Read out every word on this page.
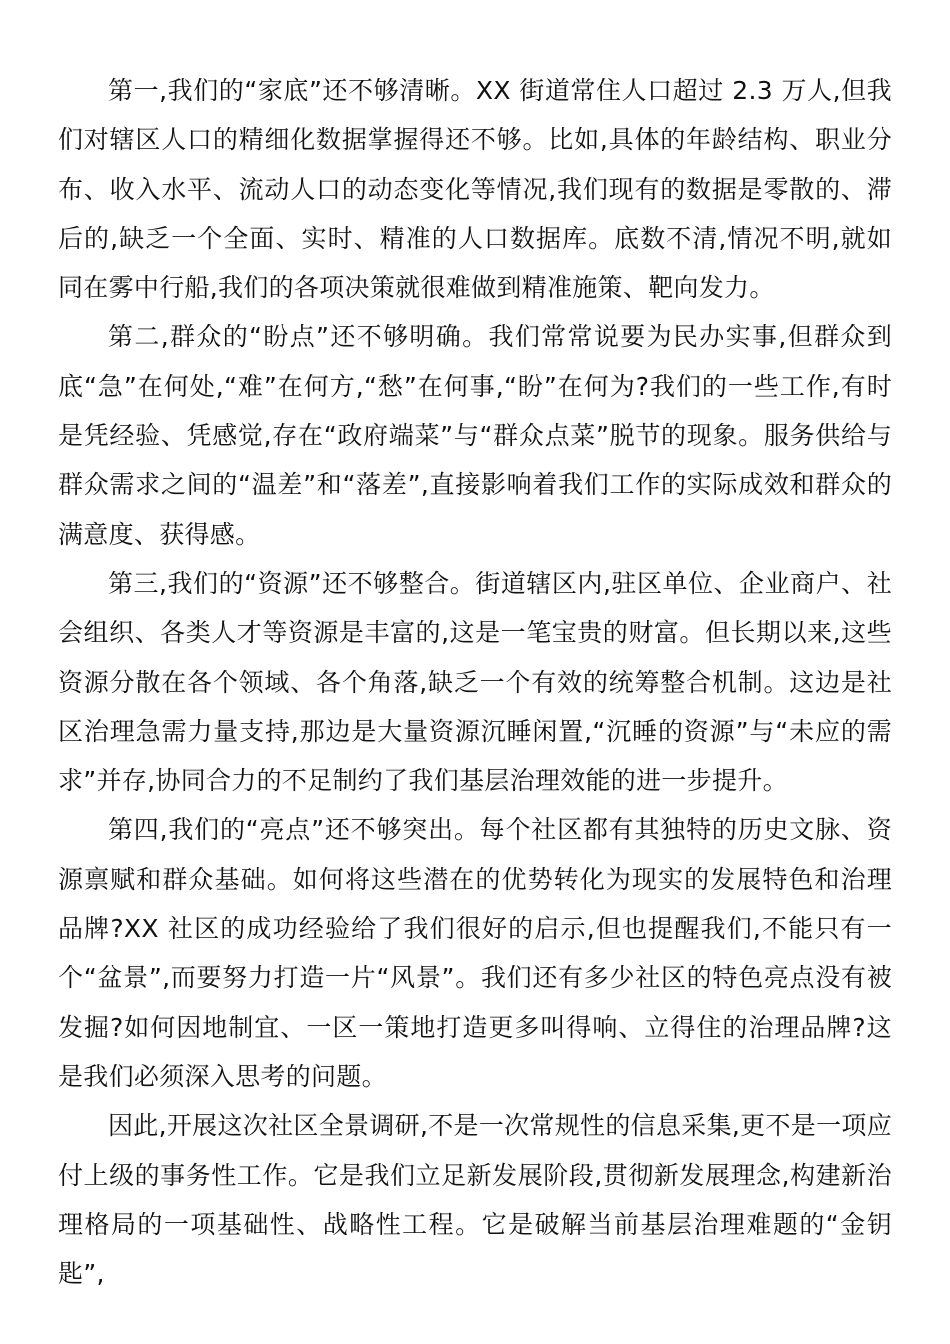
第一,我们的“家底”还不够清晰。XX 街道常住人口超过 2.3 万人,但我们对辖区人口的精细化数据掌握得还不够。比如,具体的年龄结构、职业分布、收入水平、流动人口的动态变化等情况,我们现有的数据是零散的、滞后的,缺乏一个全面、实时、精准的人口数据库。底数不清,情况不明,就如同在雾中行船,我们的各项决策就很难做到精准施策、靶向发力。

第二,群众的“盼点”还不够明确。我们常常说要为民办实事,但群众到底“急”在何处,“难”在何方,“愁”在何事,“盼”在何为?我们的一些工作,有时是凭经验、凭感觉,存在“政府端菜”与“群众点菜”脱节的现象。服务供给与群众需求之间的“温差”和“落差”,直接影响着我们工作的实际成效和群众的满意度、获得感。

第三,我们的“资源”还不够整合。街道辖区内,驻区单位、企业商户、社会组织、各类人才等资源是丰富的,这是一笔宝贵的财富。但长期以来,这些资源分散在各个领域、各个角落,缺乏一个有效的统筹整合机制。这边是社区治理急需力量支持,那边是大量资源沉睡闲置,“沉睡的资源”与“未应的需求”并存,协同合力的不足制约了我们基层治理效能的进一步提升。

第四,我们的“亮点”还不够突出。每个社区都有其独特的历史文脉、资源禀赋和群众基础。如何将这些潜在的优势转化为现实的发展特色和治理品牌?XX 社区的成功经验给了我们很好的启示,但也提醒我们,不能只有一个“盆景”,而要努力打造一片“风景”。我们还有多少社区的特色亮点没有被发掘?如何因地制宜、一区一策地打造更多叫得响、立得住的治理品牌?这是我们必须深入思考的问题。

因此,开展这次社区全景调研,不是一次常规性的信息采集,更不是一项应付上级的事务性工作。它是我们立足新发展阶段,贯彻新发展理念,构建新治理格局的一项基础性、战略性工程。它是破解当前基层治理难题的“金钥匙”,
